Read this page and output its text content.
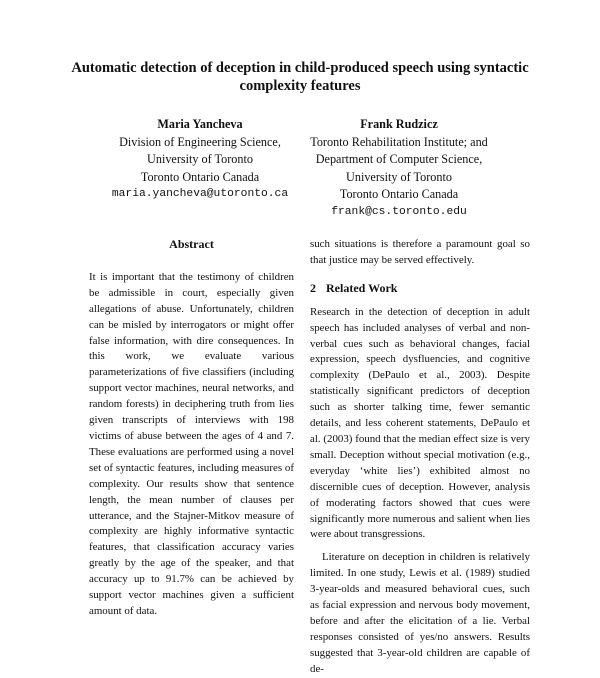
Automatic detection of deception in child-produced speech using syntactic complexity features
Maria Yancheva
Division of Engineering Science,
University of Toronto
Toronto Ontario Canada
maria.yancheva@utoronto.ca
Frank Rudzicz
Toronto Rehabilitation Institute; and
Department of Computer Science,
University of Toronto
Toronto Ontario Canada
frank@cs.toronto.edu
Abstract

It is important that the testimony of children be admissible in court, especially given allegations of abuse. Unfortunately, children can be misled by interrogators or might offer false information, with dire consequences. In this work, we evaluate various parameterizations of five classifiers (including support vector machines, neural networks, and random forests) in deciphering truth from lies given transcripts of interviews with 198 victims of abuse between the ages of 4 and 7. These evaluations are performed using a novel set of syntactic features, including measures of complexity. Our results show that sentence length, the mean number of clauses per utterance, and the Stajner-Mitkov measure of complexity are highly informative syntactic features, that classification accuracy varies greatly by the age of the speaker, and that accuracy up to 91.7% can be achieved by support vector machines given a sufficient amount of data.

such situations is therefore a paramount goal so that justice may be served effectively.

2 Related Work

Research in the detection of deception in adult speech has included analyses of verbal and non-verbal cues such as behavioral changes, facial expression, speech dysfluencies, and cognitive complexity (DePaulo et al., 2003). Despite statistically significant predictors of deception such as shorter talking time, fewer semantic details, and less coherent statements, DePaulo et al. (2003) found that the median effect size is very small. Deception without special motivation (e.g., everyday ‘white lies’) exhibited almost no discernible cues of deception. However, analysis of moderating factors showed that cues were significantly more numerous and salient when lies were about transgressions.

Literature on deception in children is relatively limited. In one study, Lewis et al. (1989) studied 3-year-olds and measured behavioral cues, such as facial expression and nervous body movement, before and after the elicitation of a lie. Verbal responses consisted of yes/no answers. Results suggested that 3-year-old children are capable of de-
